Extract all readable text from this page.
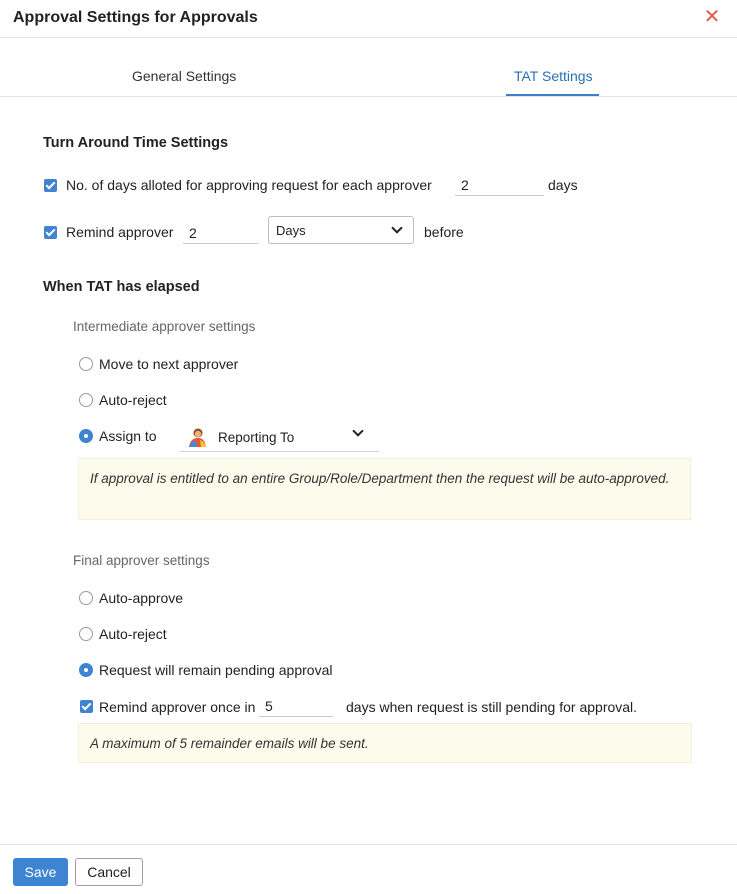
Approval Settings for Approvals	✕
General Settings	TAT Settings
Turn Around Time Settings
No. of days alloted for approving request for each approver
2	days
Remind approver
2	Days	before
When TAT has elapsed
Intermediate approver settings
Move to next approver
Auto-reject
Assign to	Reporting To
If approval is entitled to an entire Group/Role/Department then the request will be auto-approved.
Final approver settings
Auto-approve
Auto-reject
Request will remain pending approval
Remind approver once in
5	days when request is still pending for approval.
A maximum of 5 remainder emails will be sent.
Save	Cancel
